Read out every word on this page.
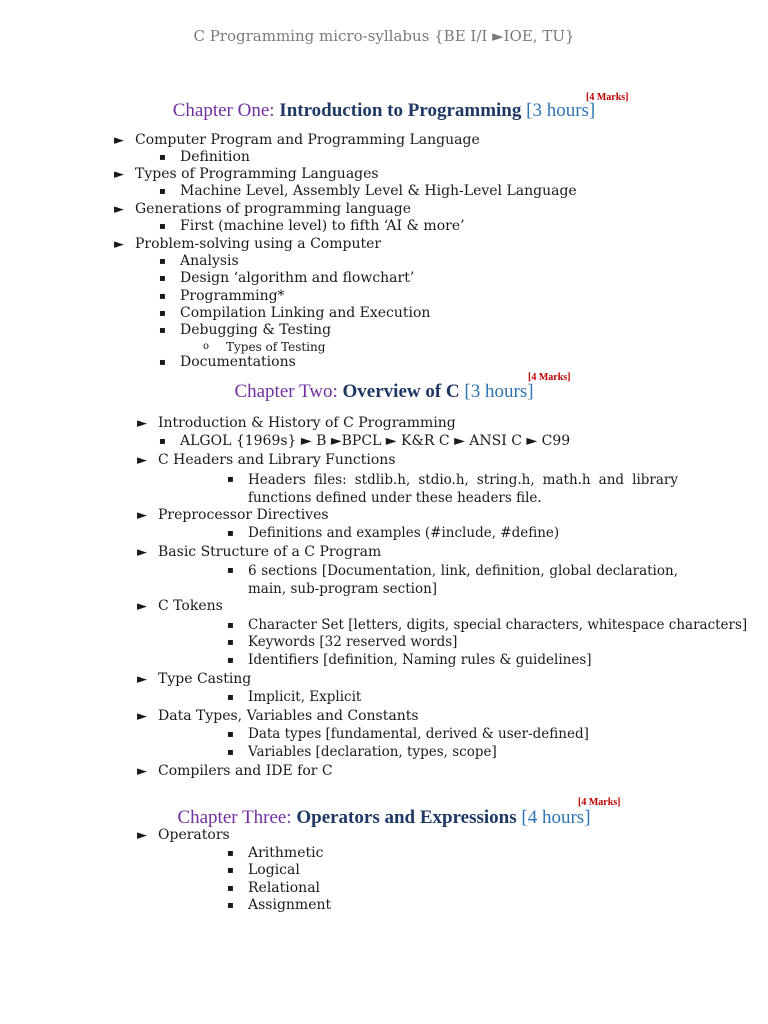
C Programming micro-syllabus {BE I/I ►IOE, TU}
Chapter One: Introduction to Programming [3 hours]
[4 Marks]
► Computer Program and Programming Language
▪ Definition
► Types of Programming Languages
▪ Machine Level, Assembly Level & High-Level Language
► Generations of programming language
▪ First (machine level) to fifth ‘AI & more’
► Problem-solving using a Computer
▪ Analysis
▪ Design ‘algorithm and flowchart’
▪ Programming*
▪ Compilation Linking and Execution
▪ Debugging & Testing
o Types of Testing
▪ Documentations
Chapter Two: Overview of C [3 hours]
[4 Marks]
► Introduction & History of C Programming
▪ ALGOL {1969s} ► B ►BPCL ► K&R C ► ANSI C ► C99
► C Headers and Library Functions
▪ Headers files: stdlib.h, stdio.h, string.h, math.h and library functions defined under these headers file.
► Preprocessor Directives
▪ Definitions and examples (#include, #define)
► Basic Structure of a C Program
▪ 6 sections [Documentation, link, definition, global declaration, main, sub-program section]
► C Tokens
▪ Character Set [letters, digits, special characters, whitespace characters]
▪ Keywords [32 reserved words]
▪ Identifiers [definition, Naming rules & guidelines]
► Type Casting
▪ Implicit, Explicit
► Data Types, Variables and Constants
▪ Data types [fundamental, derived & user-defined]
▪ Variables [declaration, types, scope]
► Compilers and IDE for C
Chapter Three: Operators and Expressions [4 hours]
[4 Marks]
► Operators
▪ Arithmetic
▪ Logical
▪ Relational
▪ Assignment
